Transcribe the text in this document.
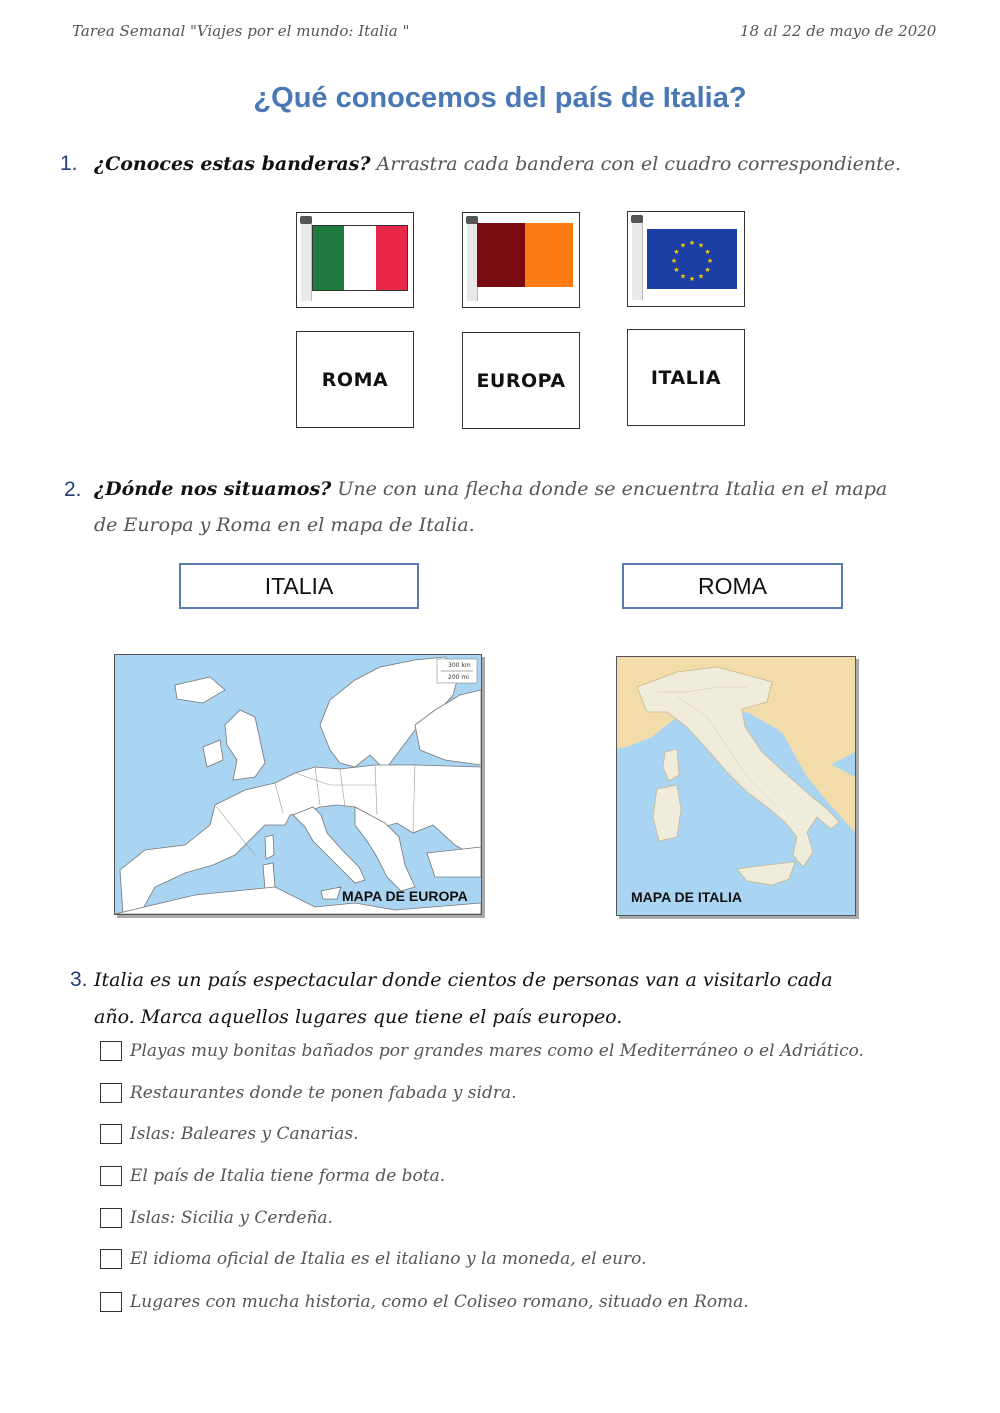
Tarea Semanal "Viajes por el mundo: Italia "	18 al 22 de mayo de 2020
¿Qué conocemos del país de Italia?
1. ¿Conoces estas banderas? Arrastra cada bandera con el cuadro correspondiente.
★ ★
★
★
★
★
★
★
★
★
★
★
ROMA	EUROPA	ITALIA
2. ¿Dónde nos situamos? Une con una flecha donde se encuentra Italia en el mapa
de Europa y Roma en el mapa de Italia.
ITALIA	ROMA
300 km
200 mi
MAPA DE EUROPA	MAPA DE ITALIA
3. Italia es un país espectacular donde cientos de personas van a visitarlo cada
año. Marca aquellos lugares que tiene el país europeo.
Playas muy bonitas bañados por grandes mares como el Mediterráneo o el Adriático.
Restaurantes donde te ponen fabada y sidra.
Islas: Baleares y Canarias.
El país de Italia tiene forma de bota.
Islas: Sicilia y Cerdeña.
El idioma oficial de Italia es el italiano y la moneda, el euro.
Lugares con mucha historia, como el Coliseo romano, situado en Roma.
